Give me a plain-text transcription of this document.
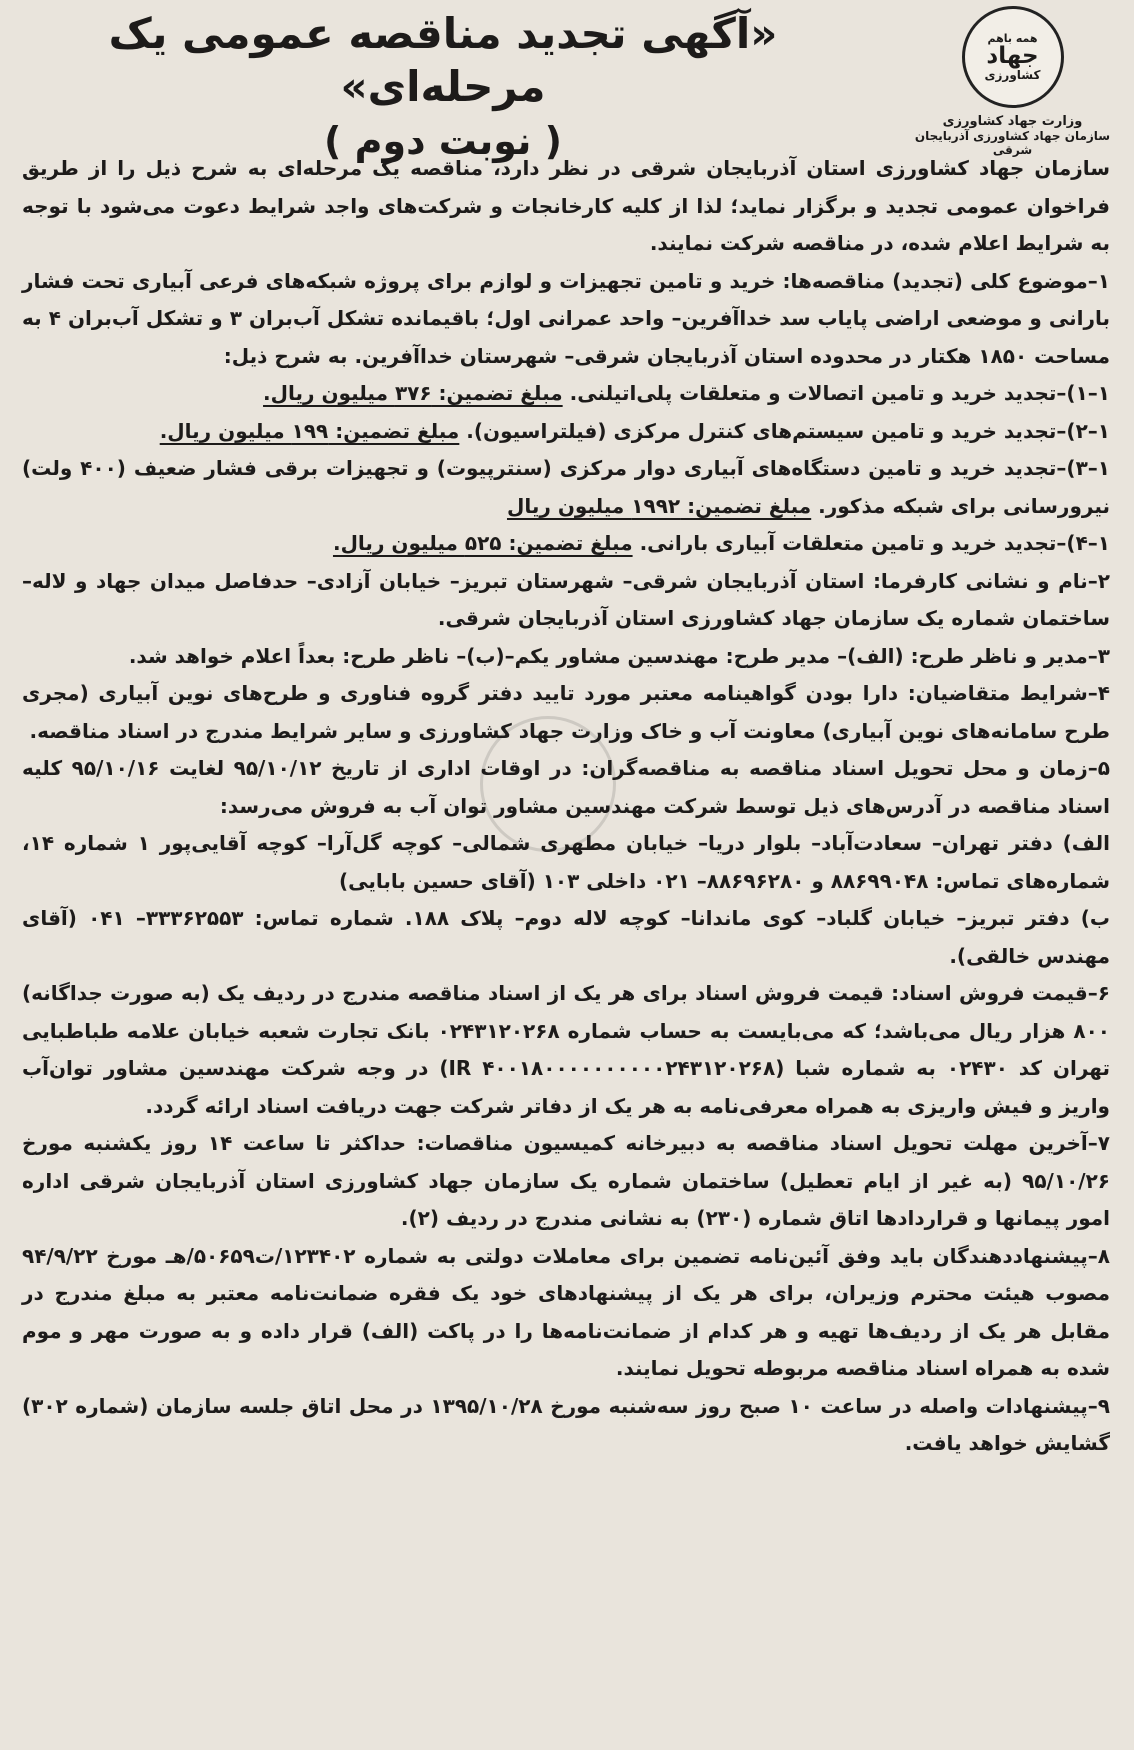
همه باهم
جهاد
کشاورزی
وزارت جهاد کشاورزی
سازمان جهاد کشاورزی آذربایجان شرقی
«آگهی تجدید مناقصه عمومی یک مرحله‌ای»
( نوبت دوم )

سازمان جهاد کشاورزی استان آذربایجان شرقی در نظر دارد، مناقصه یک مرحله‌ای به شرح ذیل را از طریق فراخوان عمومی تجدید و برگزار نماید؛ لذا از کلیه کارخانجات و شرکت‌های واجد شرایط دعوت می‌شود با توجه به شرایط اعلام شده، در مناقصه شرکت نمایند.

۱–موضوع کلی (تجدید) مناقصه‌ها: خرید و تامین تجهیزات و لوازم برای پروژه شبکه‌های فرعی آبیاری تحت فشار بارانی و موضعی اراضی پایاب سد خداآفرین– واحد عمرانی اول؛ باقیمانده تشکل آب‌بران ۳ و تشکل آب‌بران ۴ به مساحت ۱۸۵۰ هکتار در محدوده استان آذربایجان شرقی– شهرستان خداآفرین. به شرح ذیل:

۱–۱)–تجدید خرید و تامین اتصالات و متعلقات پلی‌اتیلنی. مبلغ تضمین: ۳۷۶ میلیون ریال.

۱–۲)–تجدید خرید و تامین سیستم‌های کنترل مرکزی (فیلتراسیون). مبلغ تضمین: ۱۹۹ میلیون ریال.

۱–۳)–تجدید خرید و تامین دستگاه‌های آبیاری دوار مرکزی (سنترپیوت) و تجهیزات برقی فشار ضعیف (۴۰۰ ولت) نیرورسانی برای شبکه مذکور. مبلغ تضمین: ۱۹۹۲ میلیون ریال

۱–۴)–تجدید خرید و تامین متعلقات آبیاری بارانی. مبلغ تضمین: ۵۲۵ میلیون ریال.

۲–نام و نشانی کارفرما: استان آذربایجان شرقی– شهرستان تبریز– خیابان آزادی– حدفاصل میدان جهاد و لاله– ساختمان شماره یک سازمان جهاد کشاورزی استان آذربایجان شرقی.

۳–مدیر و ناظر طرح: (الف)– مدیر طرح: مهندسین مشاور یکم–(ب)– ناظر طرح: بعداً اعلام خواهد شد.

۴–شرایط متقاضیان: دارا بودن گواهینامه معتبر مورد تایید دفتر گروه فناوری و طرح‌های نوین آبیاری (مجری طرح سامانه‌های نوین آبیاری) معاونت آب و خاک وزارت جهاد کشاورزی و سایر شرایط مندرج در اسناد مناقصه.

۵–زمان و محل تحویل اسناد مناقصه به مناقصه‌گران: در اوقات اداری از تاریخ ۹۵/۱۰/۱۲ لغایت ۹۵/۱۰/۱۶ کلیه اسناد مناقصه در آدرس‌های ذیل توسط شرکت مهندسین مشاور توان آب به فروش می‌رسد:

الف) دفتر تهران– سعادت‌آباد– بلوار دریا– خیابان مطهری شمالی– کوچه گل‌آرا– کوچه آقایی‌پور ۱ شماره ۱۴، شماره‌های تماس: ۸۸۶۹۹۰۴۸ و ۸۸۶۹۶۲۸۰– ۰۲۱ داخلی ۱۰۳ (آقای حسین بابایی)

ب) دفتر تبریز– خیابان گلباد– کوی ماندانا– کوچه لاله دوم– پلاک ۱۸۸. شماره تماس: ۳۳۳۶۲۵۵۳– ۰۴۱ (آقای مهندس خالقی).

۶–قیمت فروش اسناد: قیمت فروش اسناد برای هر یک از اسناد مناقصه مندرج در ردیف یک (به صورت جداگانه) ۸۰۰ هزار ریال می‌باشد؛ که می‌بایست به حساب شماره ۰۲۴۳۱۲۰۲۶۸ بانک تجارت شعبه خیابان علامه طباطبایی تهران کد ۰۲۴۳۰ به شماره شبا (IR ۴۰۰۱۸۰۰۰۰۰۰۰۰۰۰۲۴۳۱۲۰۲۶۸) در وجه شرکت مهندسین مشاور توان‌آب واریز و فیش واریزی به همراه معرفی‌نامه به هر یک از دفاتر شرکت جهت دریافت اسناد ارائه گردد.

۷–آخرین مهلت تحویل اسناد مناقصه به دبیرخانه کمیسیون مناقصات: حداکثر تا ساعت ۱۴ روز یکشنبه مورخ ۹۵/۱۰/۲۶ (به غیر از ایام تعطیل) ساختمان شماره یک سازمان جهاد کشاورزی استان آذربایجان شرقی اداره امور پیمانها و قراردادها اتاق شماره (۲۳۰) به نشانی مندرج در ردیف (۲).

۸–پیشنهاددهندگان باید وفق آئین‌نامه تضمین برای معاملات دولتی به شماره ۱۲۳۴۰۲/ت۵۰۶۵۹/هـ مورخ ۹۴/۹/۲۲ مصوب هیئت محترم وزیران، برای هر یک از پیشنهادهای خود یک فقره ضمانت‌نامه معتبر به مبلغ مندرج در مقابل هر یک از ردیف‌ها تهیه و هر کدام از ضمانت‌نامه‌ها را در پاکت (الف) قرار داده و به صورت مهر و موم شده به همراه اسناد مناقصه مربوطه تحویل نمایند.

۹–پیشنهادات واصله در ساعت ۱۰ صبح روز سه‌شنبه مورخ ۱۳۹۵/۱۰/۲۸ در محل اتاق جلسه سازمان (شماره ۳۰۲) گشایش خواهد یافت.
